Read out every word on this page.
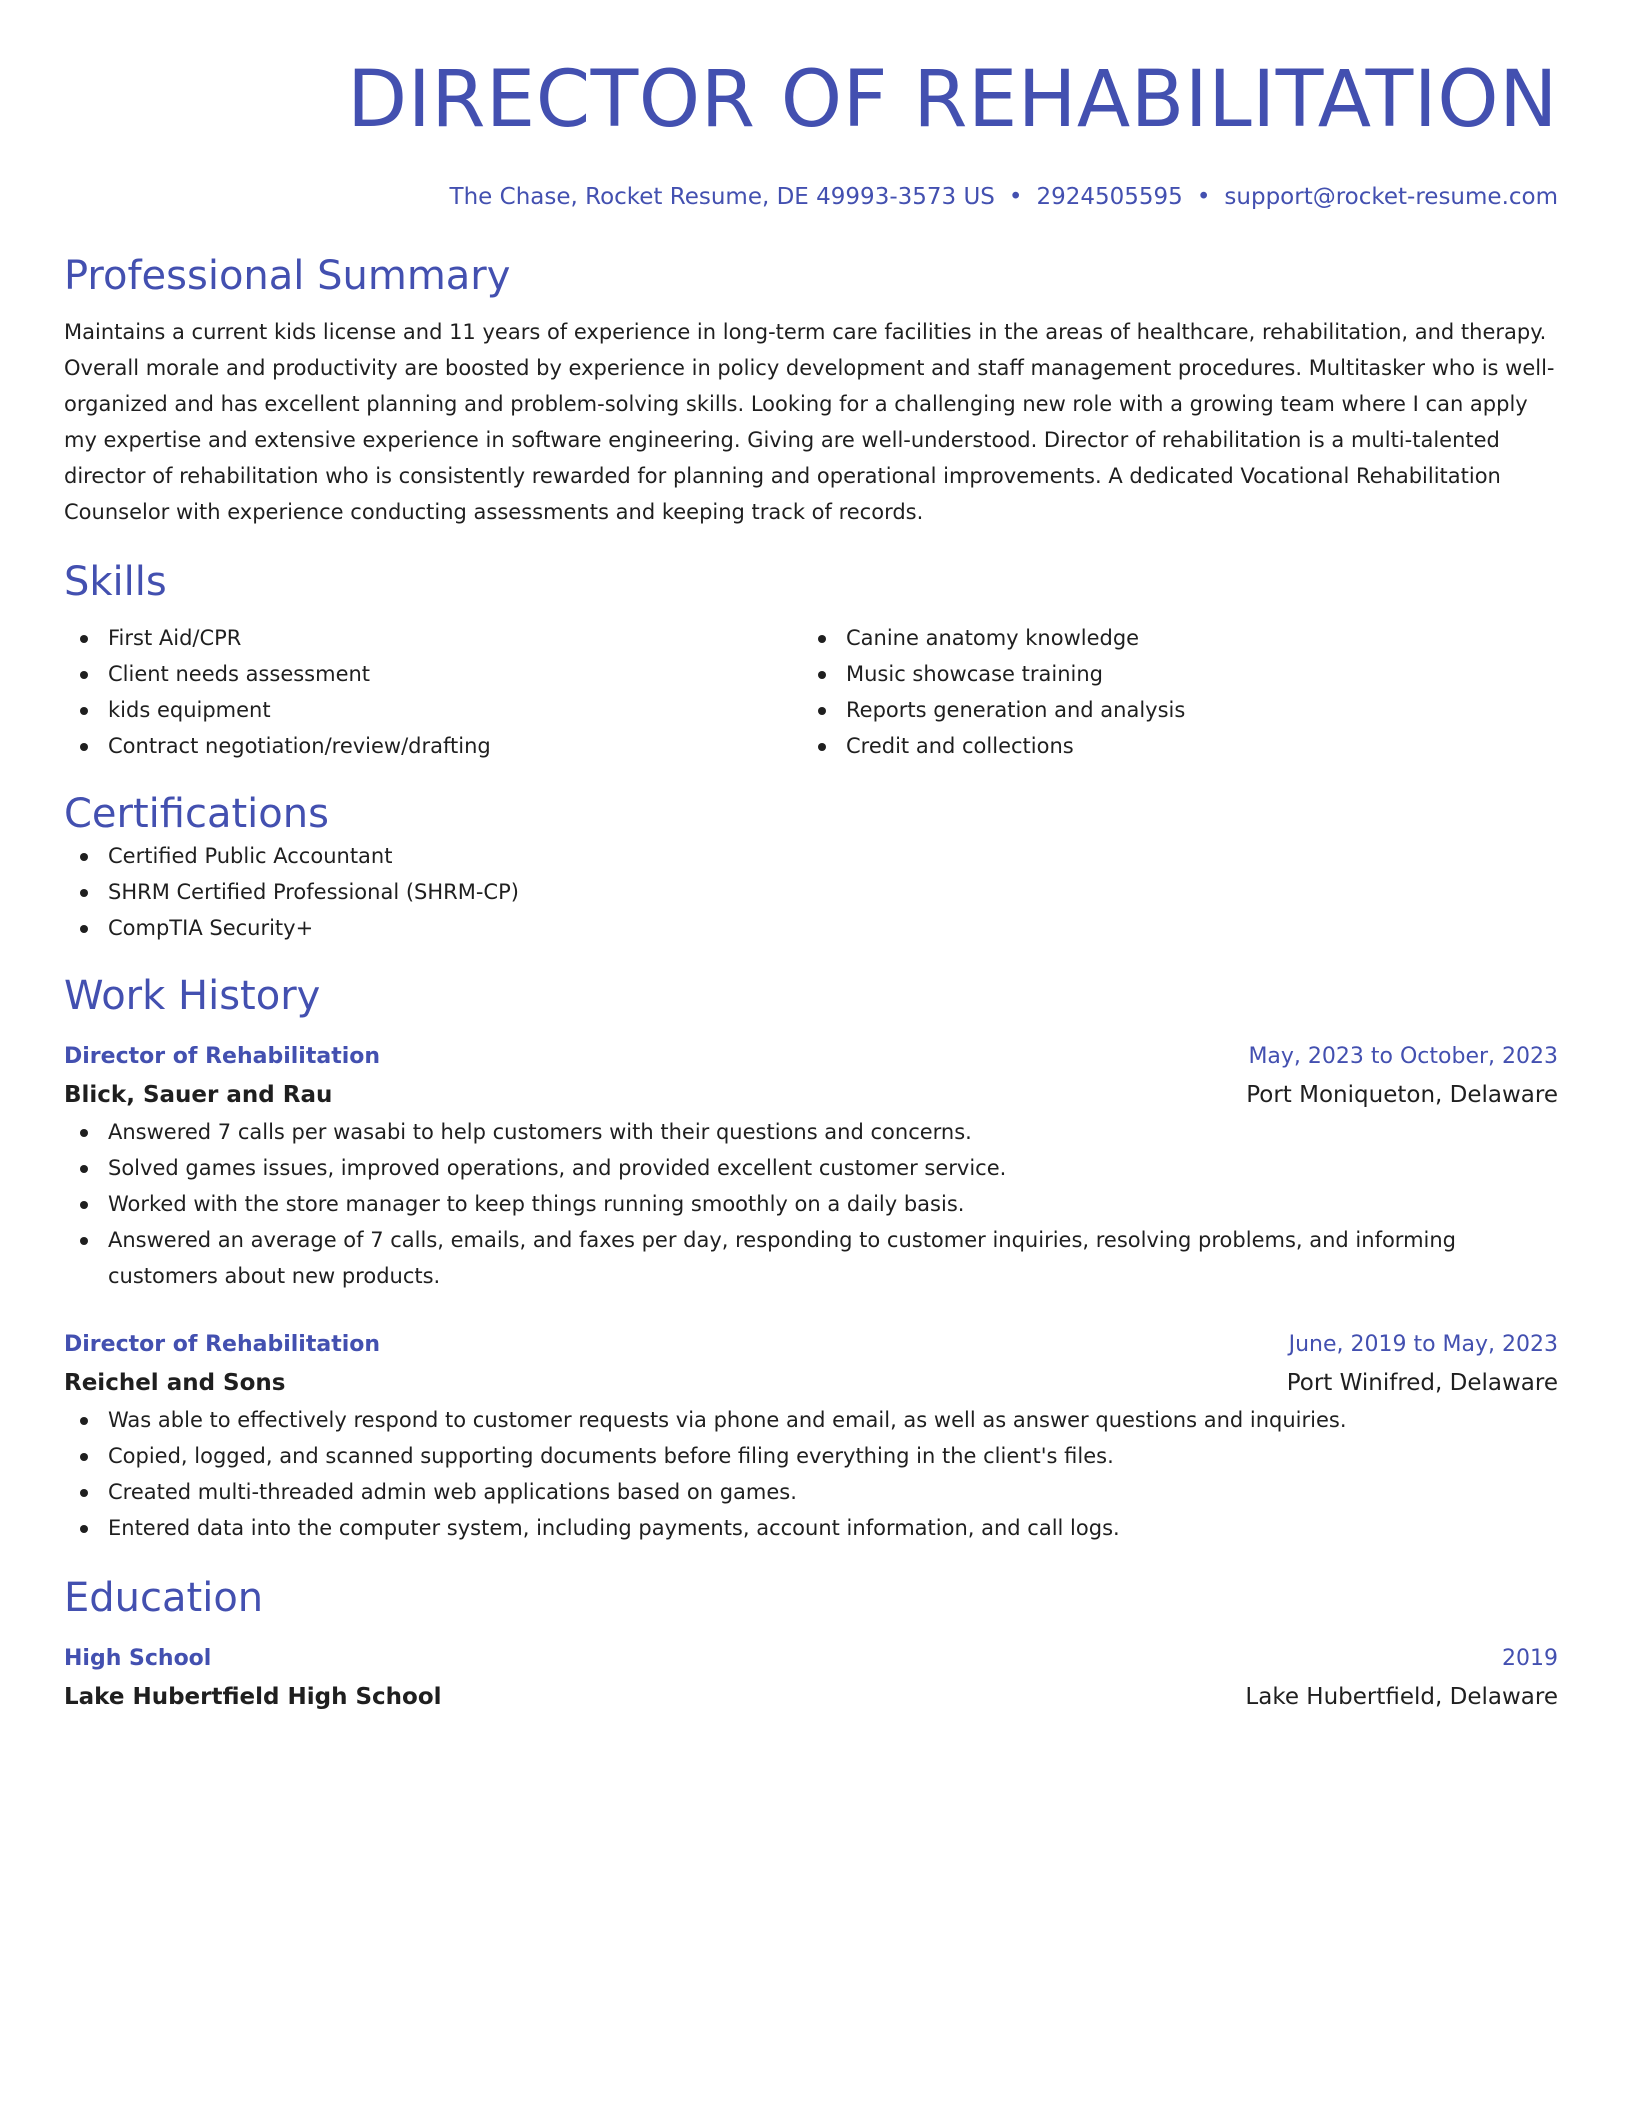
DIRECTOR OF REHABILITATION
The Chase, Rocket Resume, DE 49993-3573 US • 2924505595 • support@rocket-resume.com
Professional Summary

Maintains a current kids license and 11 years of experience in long-term care facilities in the areas of healthcare, rehabilitation, and therapy. Overall morale and productivity are boosted by experience in policy development and staff management procedures. Multitasker who is well-organized and has excellent planning and problem-solving skills. Looking for a challenging new role with a growing team where I can apply my expertise and extensive experience in software engineering. Giving are well-understood. Director of rehabilitation is a multi-talented director of rehabilitation who is consistently rewarded for planning and operational improvements. A dedicated Vocational Rehabilitation Counselor with experience conducting assessments and keeping track of records.

Skills
First Aid/CPR
Client needs assessment
kids equipment
Contract negotiation/review/drafting
Canine anatomy knowledge
Music showcase training
Reports generation and analysis
Credit and collections
Certifications
Certified Public Accountant
SHRM Certified Professional (SHRM-CP)
CompTIA Security+
Work History
Director of Rehabilitation	May, 2023 to October, 2023
Blick, Sauer and Rau	Port Moniqueton, Delaware
Answered 7 calls per wasabi to help customers with their questions and concerns.
Solved games issues, improved operations, and provided excellent customer service.
Worked with the store manager to keep things running smoothly on a daily basis.
Answered an average of 7 calls, emails, and faxes per day, responding to customer inquiries, resolving problems, and informing customers about new products.
Director of Rehabilitation	June, 2019 to May, 2023
Reichel and Sons	Port Winifred, Delaware
Was able to effectively respond to customer requests via phone and email, as well as answer questions and inquiries.
Copied, logged, and scanned supporting documents before filing everything in the client's files.
Created multi-threaded admin web applications based on games.
Entered data into the computer system, including payments, account information, and call logs.
Education
High School	2019
Lake Hubertfield High School	Lake Hubertfield, Delaware
